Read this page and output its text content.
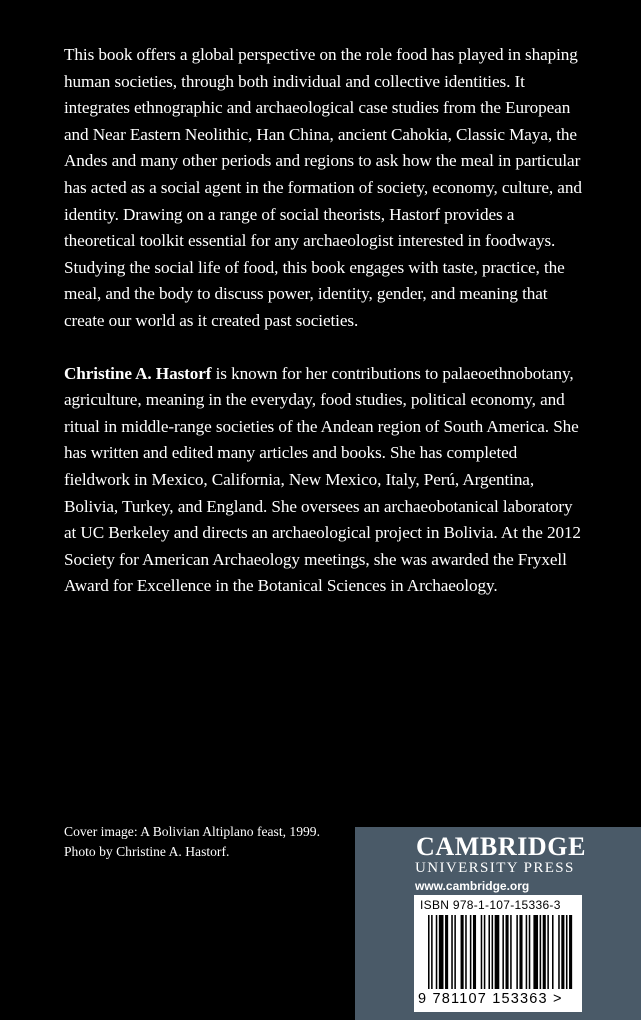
This book offers a global perspective on the role food has played in shaping human societies, through both individual and collective identities. It integrates ethnographic and archaeological case studies from the European and Near Eastern Neolithic, Han China, ancient Cahokia, Classic Maya, the Andes and many other periods and regions to ask how the meal in particular has acted as a social agent in the formation of society, economy, culture, and identity. Drawing on a range of social theorists, Hastorf provides a theoretical toolkit essential for any archaeologist interested in foodways. Studying the social life of food, this book engages with taste, practice, the meal, and the body to discuss power, identity, gender, and meaning that create our world as it created past societies.

Christine A. Hastorf is known for her contributions to palaeoethnobotany, agriculture, meaning in the everyday, food studies, political economy, and ritual in middle-range societies of the Andean region of South America. She has written and edited many articles and books. She has completed fieldwork in Mexico, California, New Mexico, Italy, Perú, Argentina, Bolivia, Turkey, and England. She oversees an archaeobotanical laboratory at UC Berkeley and directs an archaeological project in Bolivia. At the 2012 Society for American Archaeology meetings, she was awarded the Fryxell Award for Excellence in the Botanical Sciences in Archaeology.

Cover image: A Bolivian Altiplano feast, 1999.
Photo by Christine A. Hastorf.	CAMBRIDGE
UNIVERSITY PRESS
www.cambridge.org
ISBN 978-1-107-15336-3
9 781107 153363 >
